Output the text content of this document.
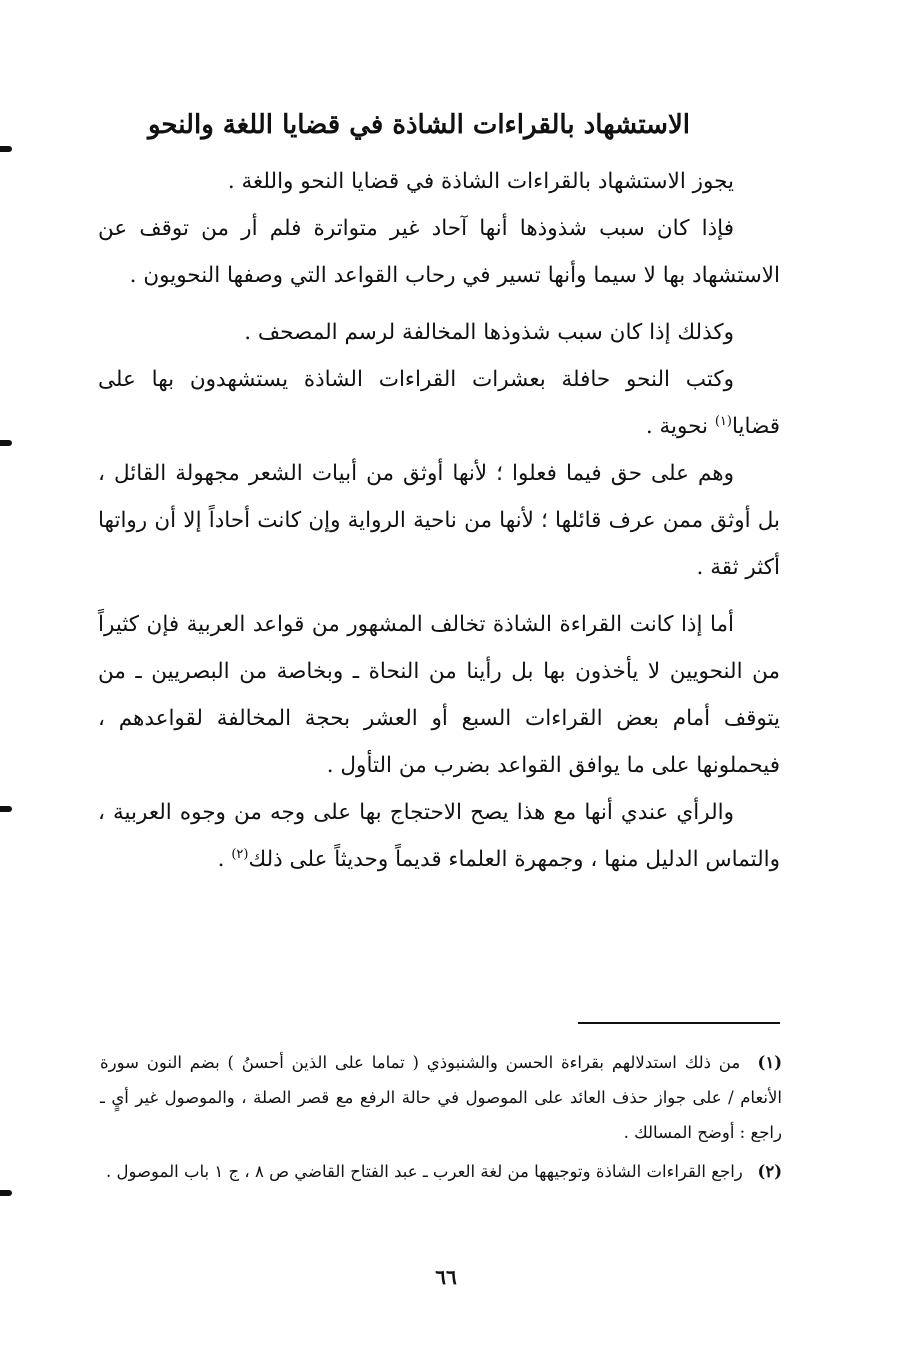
الاستشهاد بالقراءات الشاذة في قضايا اللغة والنحو

يجوز الاستشهاد بالقراءات الشاذة في قضايا النحو واللغة .

فإذا كان سبب شذوذها أنها آحاد غير متواترة فلم أر من توقف عن الاستشهاد بها لا سيما وأنها تسير في رحاب القواعد التي وصفها النحويون .

وكذلك إذا كان سبب شذوذها المخالفة لرسم المصحف .

وكتب النحو حافلة بعشرات القراءات الشاذة يستشهدون بها على قضايا$^{(١)}$ نحوية .

وهم على حق فيما فعلوا ؛ لأنها أوثق من أبيات الشعر مجهولة القائل ، بل أوثق ممن عرف قائلها ؛ لأنها من ناحية الرواية وإن كانت أحاداً إلا أن رواتها أكثر ثقة .

أما إذا كانت القراءة الشاذة تخالف المشهور من قواعد العربية فإن كثيراً من النحويين لا يأخذون بها بل رأينا من النحاة ـ وبخاصة من البصريين ـ من يتوقف أمام بعض القراءات السبع أو العشر بحجة المخالفة لقواعدهم ، فيحملونها على ما يوافق القواعد بضرب من التأول .

والرأي عندي أنها مع هذا يصح الاحتجاج بها على وجه من وجوه العربية ، والتماس الدليل منها ، وجمهرة العلماء قديماً وحديثاً على ذلك$^{(٢)}$ .

(١) من ذلك استدلالهم بقراءة الحسن والشنبوذي ( تماما على الذين أحسنُ ) بضم النون سورة الأنعام / على جواز حذف العائد على الموصول في حالة الرفع مع قصر الصلة ، والموصول غير أيٍ ـ راجع : أوضح المسالك .

(٢) راجع القراءات الشاذة وتوجيهها من لغة العرب ـ عبد الفتاح القاضي ص ٨ ، ج ١ باب الموصول .

٦٦
